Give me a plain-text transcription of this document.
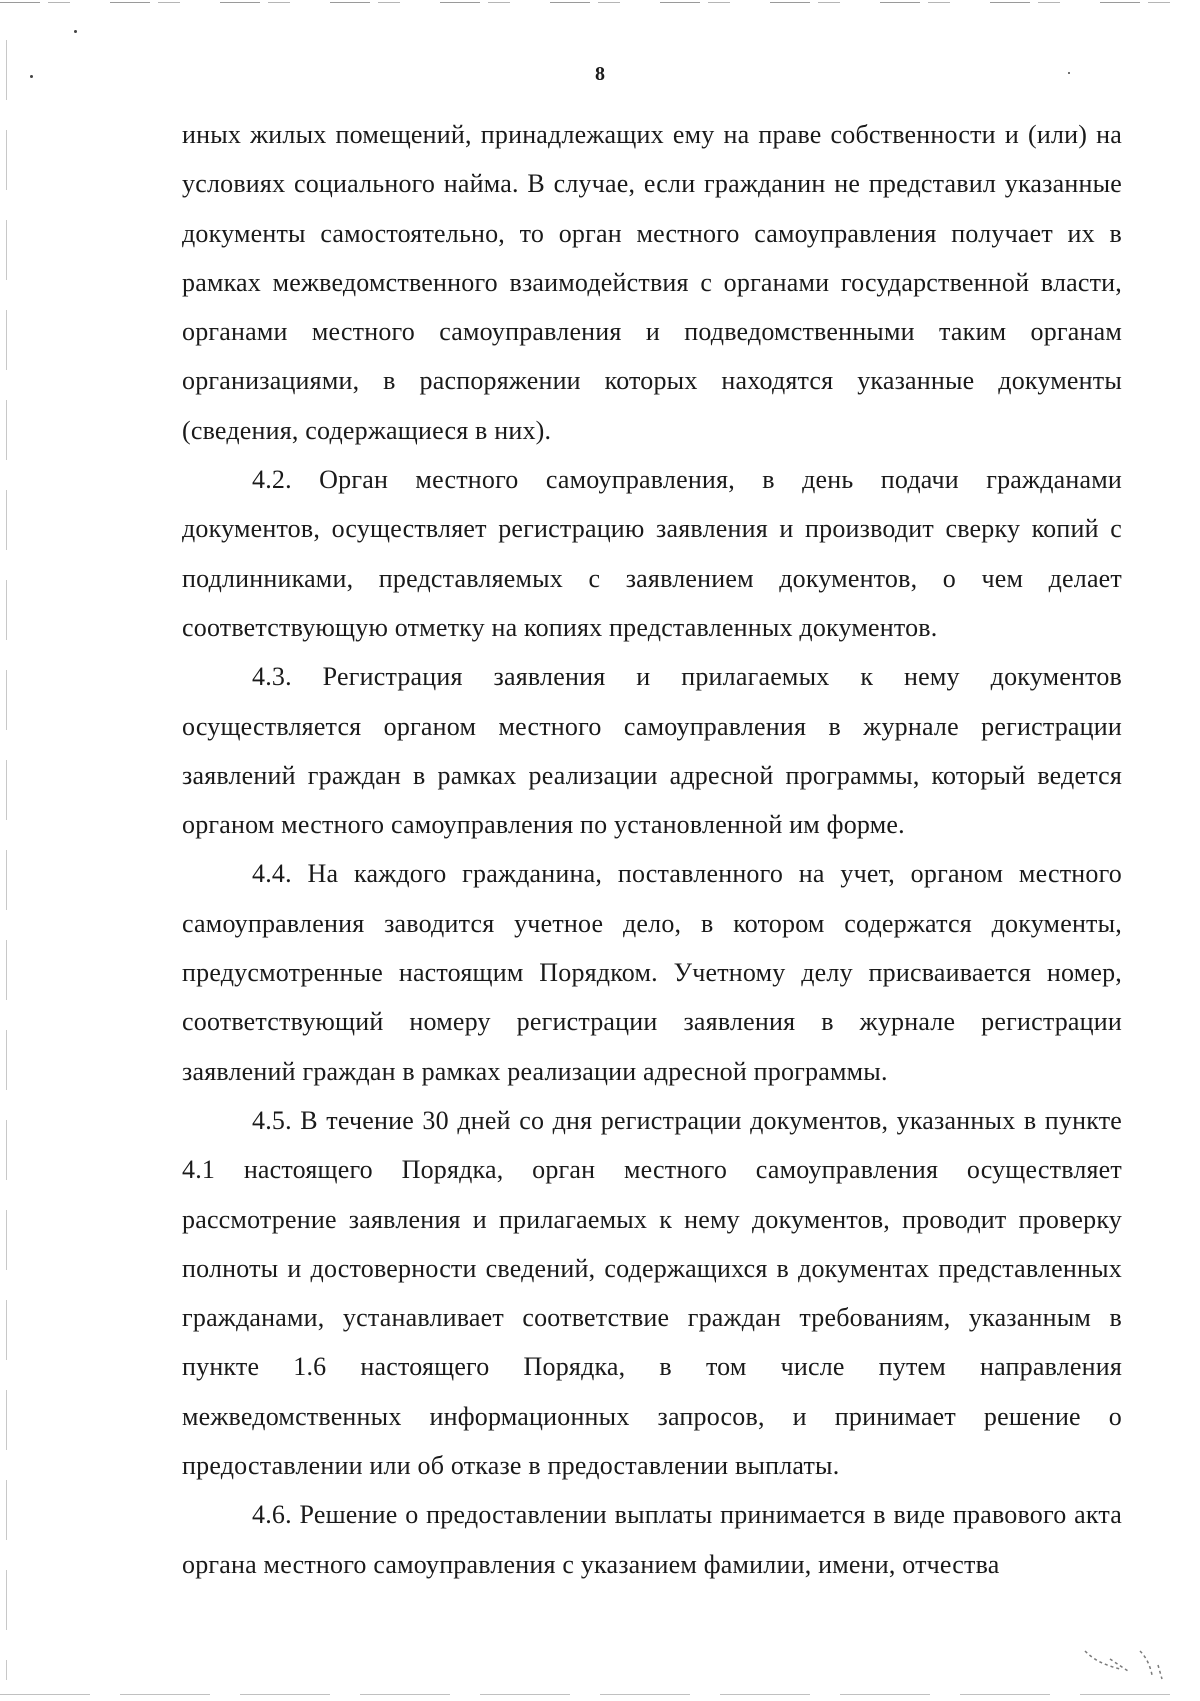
8

иных жилых помещений, принадлежащих ему на праве собственности и (или) на условиях социального найма. В случае, если гражданин не представил указанные документы самостоятельно, то орган местного самоуправления получает их в рамках межведомственного взаимодействия с органами государственной власти, органами местного самоуправления и подведомственными таким органам организациями, в распоряжении которых находятся указанные документы (сведения, содержащиеся в них).

4.2. Орган местного самоуправления, в день подачи гражданами документов, осуществляет регистрацию заявления и производит сверку копий с подлинниками, представляемых с заявлением документов, о чем делает соответствующую отметку на копиях представленных документов.

4.3. Регистрация заявления и прилагаемых к нему документов осуществляется органом местного самоуправления в журнале регистрации заявлений граждан в рамках реализации адресной программы, который ведется органом местного самоуправления по установленной им форме.

4.4. На каждого гражданина, поставленного на учет, органом местного самоуправления заводится учетное дело, в котором содержатся документы, предусмотренные настоящим Порядком. Учетному делу присваивается номер, соответствующий номеру регистрации заявления в журнале регистрации заявлений граждан в рамках реализации адресной программы.

4.5. В течение 30 дней со дня регистрации документов, указанных в пункте 4.1 настоящего Порядка, орган местного самоуправления осуществляет рассмотрение заявления и прилагаемых к нему документов, проводит проверку полноты и достоверности сведений, содержащихся в документах представленных гражданами, устанавливает соответствие граждан требованиям, указанным в пункте 1.6 настоящего Порядка, в том числе путем направления межведомственных информационных запросов, и принимает решение о предоставлении или об отказе в предоставлении выплаты.

4.6. Решение о предоставлении выплаты принимается в виде правового акта органа местного самоуправления с указанием фамилии, имени, отчества
